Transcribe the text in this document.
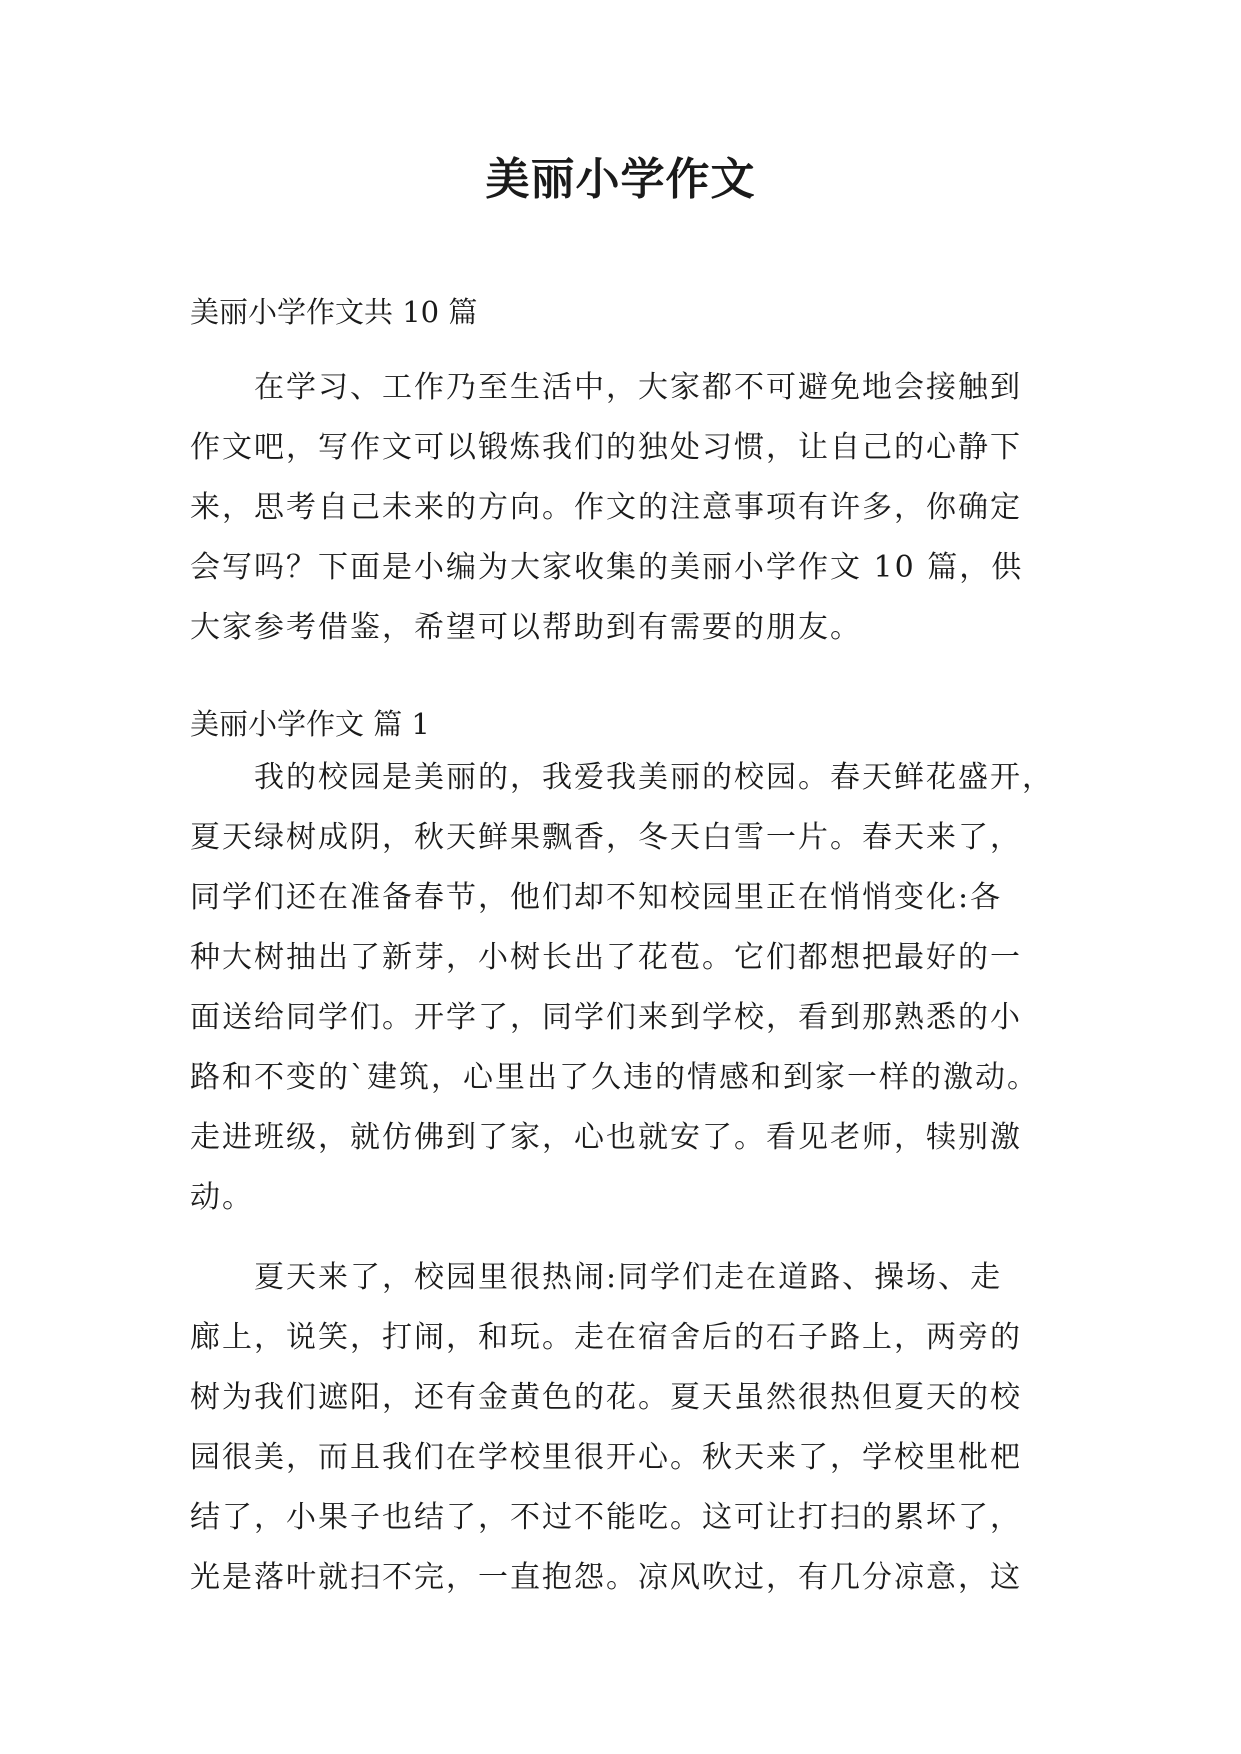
美丽小学作文
美丽小学作文共 10 篇
在学习、工作乃至生活中，大家都不可避免地会接触到
作文吧，写作文可以锻炼我们的独处习惯，让自己的心静下
来，思考自己未来的方向。作文的注意事项有许多，你确定
会写吗？下面是小编为大家收集的美丽小学作文 10 篇，供
大家参考借鉴，希望可以帮助到有需要的朋友。
美丽小学作文 篇 1
我的校园是美丽的，我爱我美丽的校园。春天鲜花盛开，
夏天绿树成阴，秋天鲜果飘香，冬天白雪一片。春天来了，
同学们还在准备春节，他们却不知校园里正在悄悄变化:各
种大树抽出了新芽，小树长出了花苞。它们都想把最好的一
面送给同学们。开学了，同学们来到学校，看到那熟悉的小
路和不变的`建筑，心里出了久违的情感和到家一样的激动。
走进班级，就仿佛到了家，心也就安了。看见老师，犊别激
动。
夏天来了，校园里很热闹:同学们走在道路、操场、走
廊上，说笑，打闹，和玩。走在宿舍后的石子路上，两旁的
树为我们遮阳，还有金黄色的花。夏天虽然很热但夏天的校
园很美，而且我们在学校里很开心。秋天来了，学校里枇杷
结了，小果子也结了，不过不能吃。这可让打扫的累坏了，
光是落叶就扫不完，一直抱怨。凉风吹过，有几分凉意，这
